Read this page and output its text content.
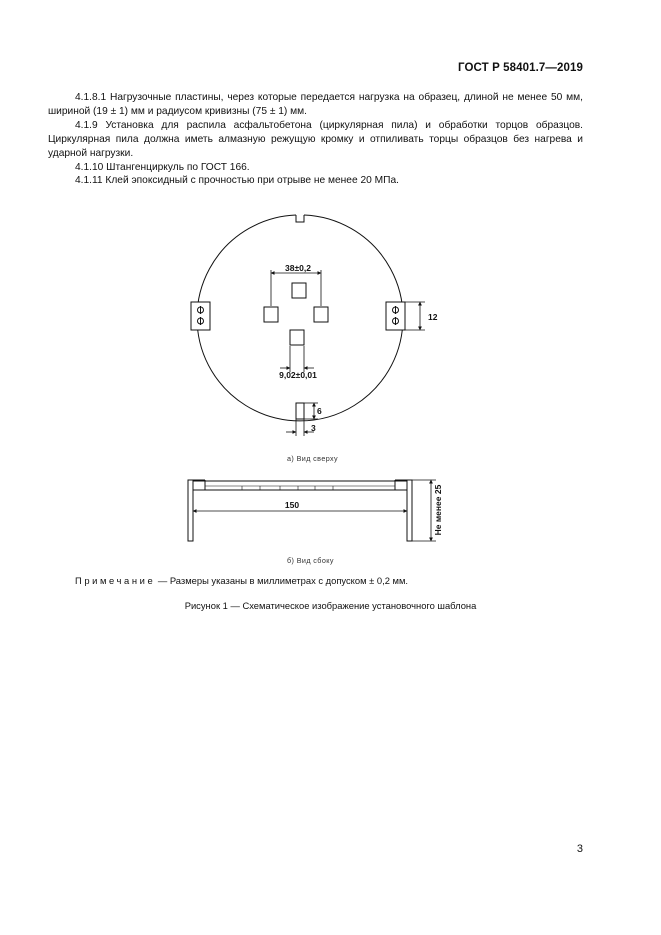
ГОСТ Р 58401.7—2019

4.1.8.1 Нагрузочные пластины, через которые передается нагрузка на образец, длиной не менее 50 мм, шириной (19 ± 1) мм и радиусом кривизны (75 ± 1) мм.

4.1.9 Установка для распила асфальтобетона (циркулярная пила) и обработки торцов образцов. Циркулярная пила должна иметь алмазную режущую кромку и отпиливать торцы образцов без нагрева и ударной нагрузки.

4.1.10 Штангенциркуль по ГОСТ 166.

4.1.11 Клей эпоксидный с прочностью при отрыве не менее 20 МПа.

38±0,2
9,02±0,01
12
6
3
150	Не менее 25
а) Вид сверху
б) Вид сбоку
Примечание — Размеры указаны в миллиметрах с допуском ± 0,2 мм.
Рисунок 1 — Схематическое изображение установочного шаблона
3
